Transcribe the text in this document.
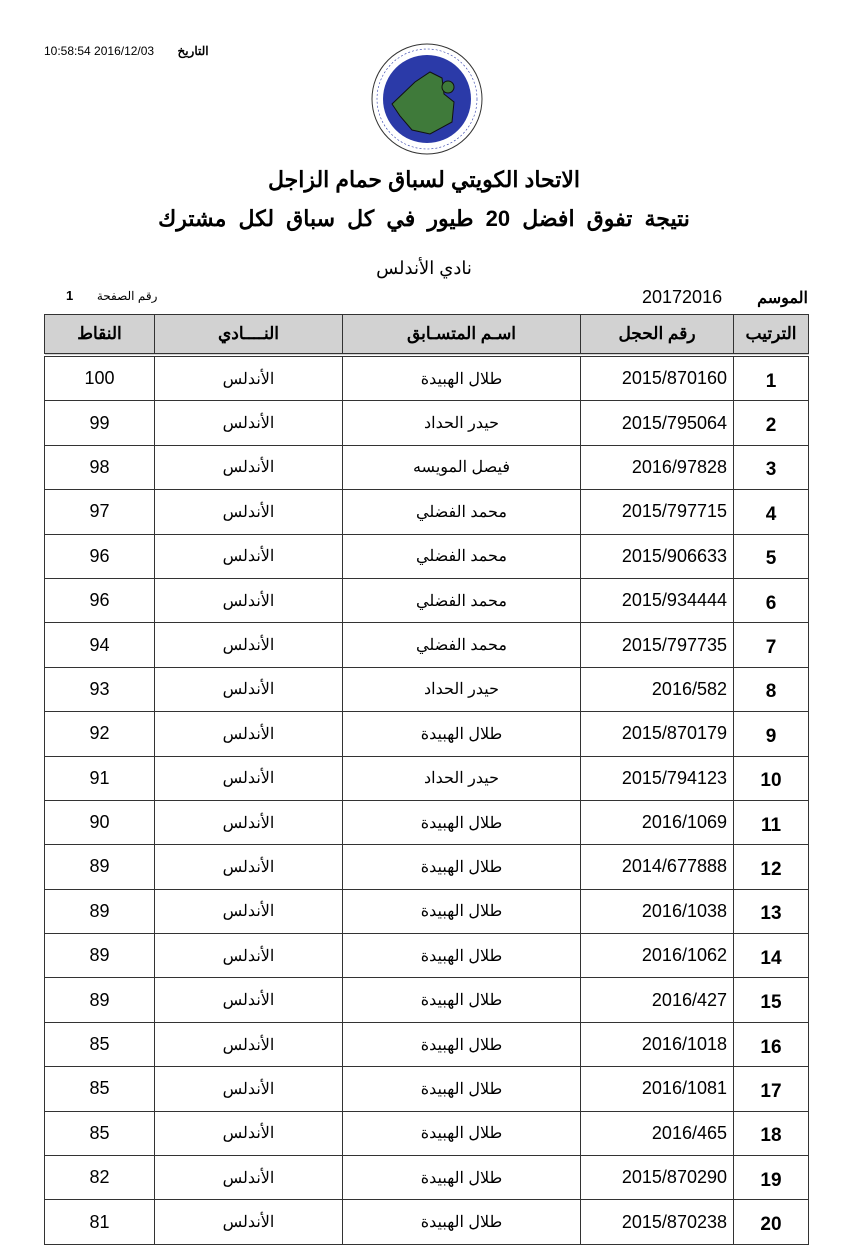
10:58:54 2016/12/03 التاريخ
الاتحاد الكويتي لسباق حمام الزاجل
نتيجة تفوق افضل 20 طيور في كل سباق لكل مشترك
نادي الأندلس
الموسم 20172016
رقم الصفحة 1
الترتيب	رقم الحجل	اسـم المتسـابق	النــــادي	النقاط
1	2015/870160	طلال الهبيدة	الأندلس	100
2	2015/795064	حيدر الحداد	الأندلس	99
3	2016/97828	فيصل المويسه	الأندلس	98
4	2015/797715	محمد الفضلي	الأندلس	97
5	2015/906633	محمد الفضلي	الأندلس	96
6	2015/934444	محمد الفضلي	الأندلس	96
7	2015/797735	محمد الفضلي	الأندلس	94
8	2016/582	حيدر الحداد	الأندلس	93
9	2015/870179	طلال الهبيدة	الأندلس	92
10	2015/794123	حيدر الحداد	الأندلس	91
11	2016/1069	طلال الهبيدة	الأندلس	90
12	2014/677888	طلال الهبيدة	الأندلس	89
13	2016/1038	طلال الهبيدة	الأندلس	89
14	2016/1062	طلال الهبيدة	الأندلس	89
15	2016/427	طلال الهبيدة	الأندلس	89
16	2016/1018	طلال الهبيدة	الأندلس	85
17	2016/1081	طلال الهبيدة	الأندلس	85
18	2016/465	طلال الهبيدة	الأندلس	85
19	2015/870290	طلال الهبيدة	الأندلس	82
20	2015/870238	طلال الهبيدة	الأندلس	81
